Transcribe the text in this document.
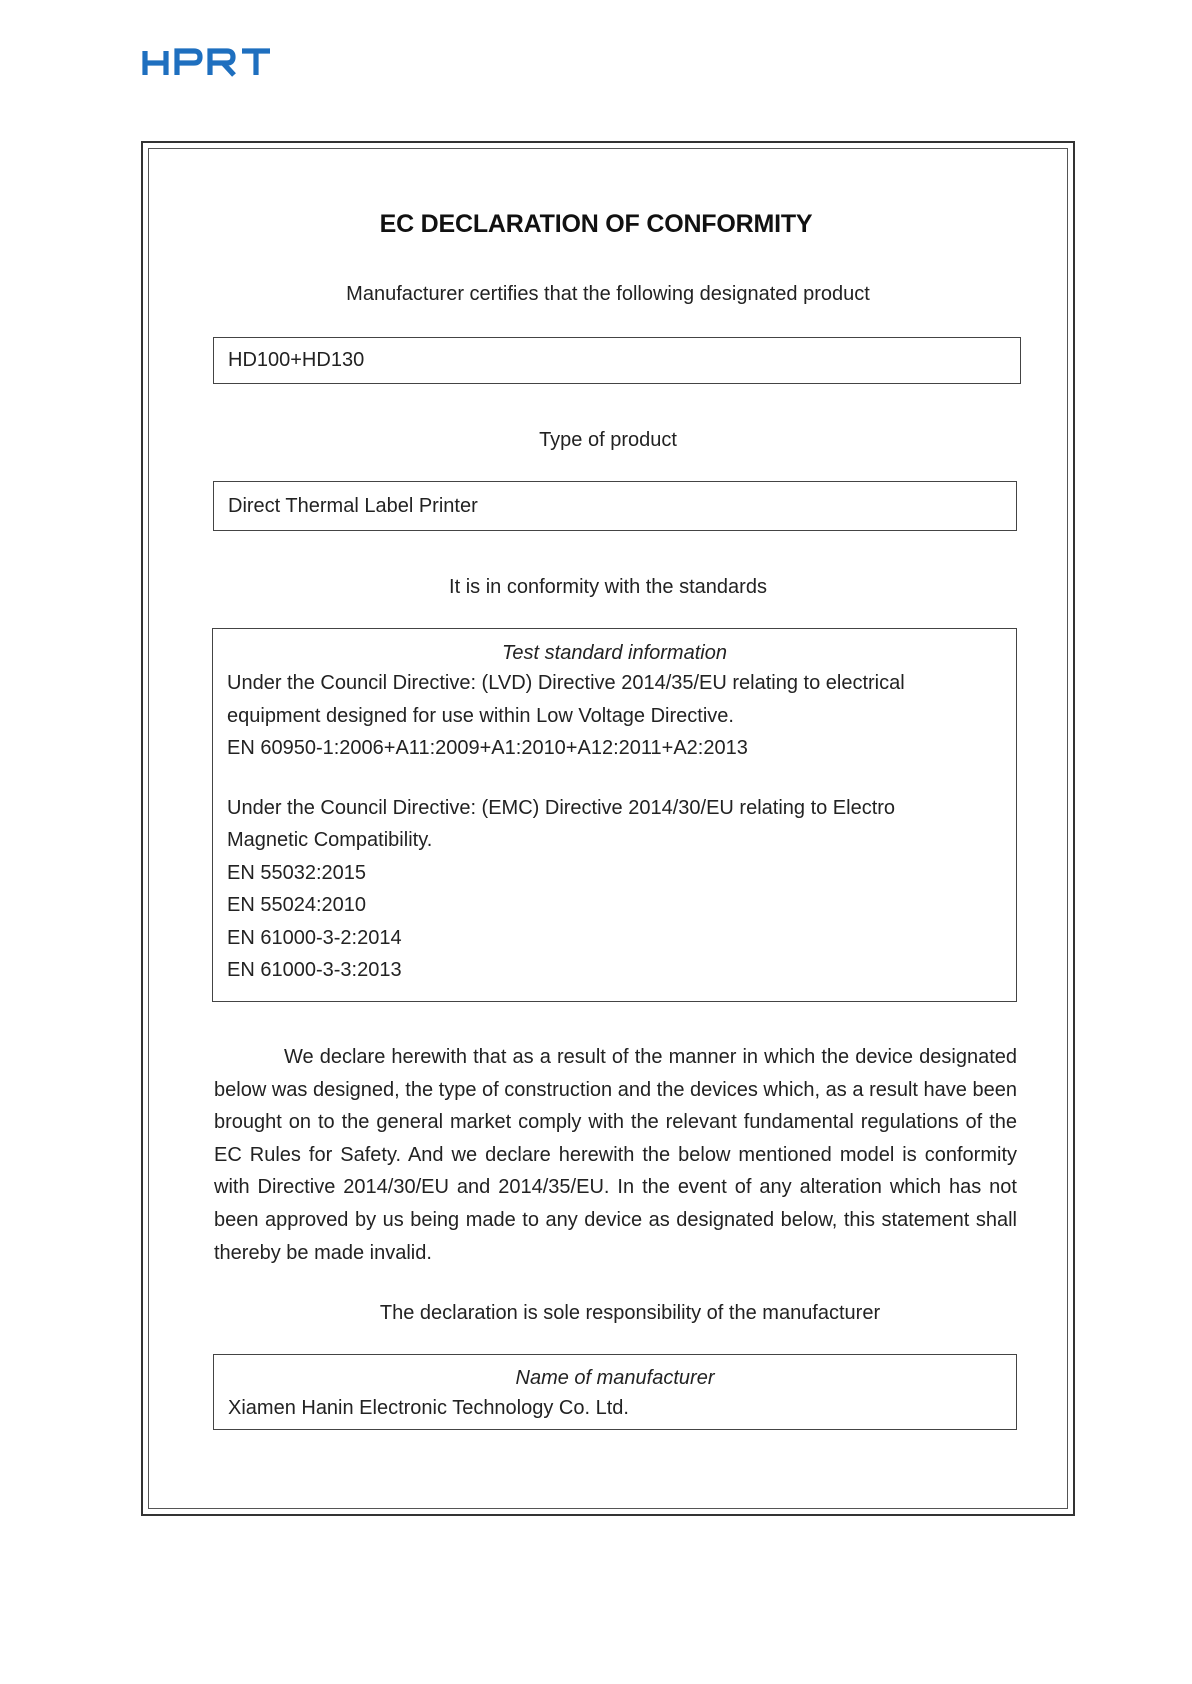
EC DECLARATION OF CONFORMITY
Manufacturer certifies that the following designated product
HD100+HD130
Type of product
Direct Thermal Label Printer
It is in conformity with the standards
Test standard information
Under the Council Directive: (LVD) Directive 2014/35/EU relating to electrical
equipment designed for use within Low Voltage Directive.
EN 60950-1:2006+A11:2009+A1:2010+A12:2011+A2:2013
Under the Council Directive: (EMC) Directive 2014/30/EU relating to Electro
Magnetic Compatibility.
EN 55032:2015
EN 55024:2010
EN 61000-3-2:2014
EN 61000-3-3:2013
We declare herewith that as a result of the manner in which the device designated below was designed, the type of construction and the devices which, as a result have been brought on to the general market comply with the relevant fundamental regulations of the EC Rules for Safety. And we declare herewith the below mentioned model is conformity with Directive 2014/30/EU and 2014/35/EU. In the event of any alteration which has not been approved by us being made to any device as designated below, this statement shall thereby be made invalid.
The declaration is sole responsibility of the manufacturer
Name of manufacturer
Xiamen Hanin Electronic Technology Co. Ltd.
